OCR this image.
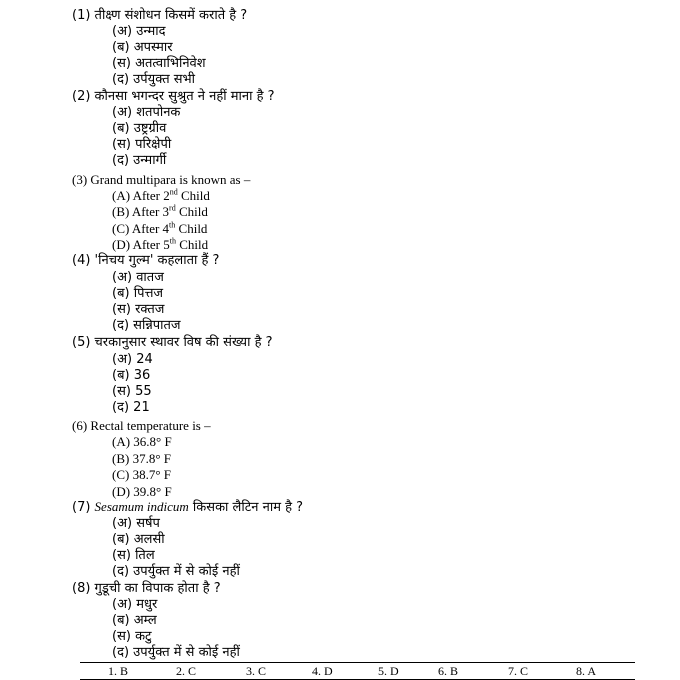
(1) तीक्ष्ण संशोधन किसमें कराते है ?
(अ) उन्माद
(ब) अपस्मार
(स) अतत्वाभिनिवेश
(द) उर्पयुक्त सभी
(2) कौनसा भगन्दर सुश्रुत ने नहीं माना है ?
(अ) शतपोनक
(ब) उष्ट्रग्रीव
(स) परिक्षेपी
(द) उन्मार्गी
(3) Grand multipara is known as –
(A) After 2nd Child
(B) After 3rd Child
(C) After 4th Child
(D) After 5th Child
(4) 'निचय गुल्म' कहलाता हैं ?
(अ) वातज
(ब) पित्तज
(स) रक्तज
(द) सन्निपातज
(5) चरकानुसार स्थावर विष की संख्या है ?
(अ) 24
(ब) 36
(स) 55
(द) 21
(6) Rectal temperature is –
(A) 36.8° F
(B) 37.8° F
(C) 38.7° F
(D) 39.8° F
(7) Sesamum indicum किसका लैटिन नाम है ?
(अ) सर्षप
(ब) अलसी
(स) तिल
(द) उपर्युक्त में से कोई नहीं
(8) गुडूची का विपाक होता है ?
(अ) मधुर
(ब) अम्ल
(स) कटु
(द) उपर्युक्त में से कोई नहीं
1. B	2. C	3. C	4. D	5. D	6. B	7. C	8. A
